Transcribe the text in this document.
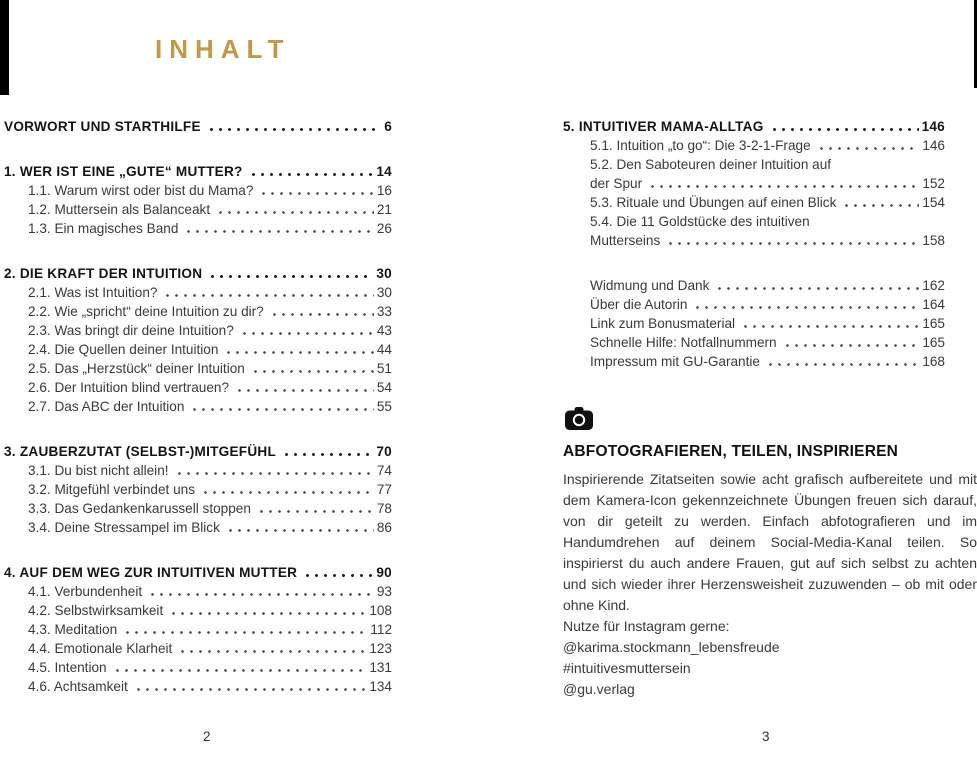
INHALT
VORWORT UND STARTHILFE	6
1. WER IST EINE „GUTE“ MUTTER?	14
1.1. Warum wirst oder bist du Mama?	16
1.2. Muttersein als Balanceakt	21
1.3. Ein magisches Band	26
2. DIE KRAFT DER INTUITION	30
2.1. Was ist Intuition?	30
2.2. Wie „spricht“ deine Intuition zu dir?	33
2.3. Was bringt dir deine Intuition?	43
2.4. Die Quellen deiner Intuition	44
2.5. Das „Herzstück“ deiner Intuition	51
2.6. Der Intuition blind vertrauen?	54
2.7. Das ABC der Intuition	55
3. ZAUBERZUTAT (SELBST-)MITGEFÜHL	70
3.1. Du bist nicht allein!	74
3.2. Mitgefühl verbindet uns	77
3.3. Das Gedankenkarussell stoppen	78
3.4. Deine Stressampel im Blick	86
4. AUF DEM WEG ZUR INTUITIVEN MUTTER	90
4.1. Verbundenheit	93
4.2. Selbstwirksamkeit	108
4.3. Meditation	112
4.4. Emotionale Klarheit	123
4.5. Intention	131
4.6. Achtsamkeit	134
5. INTUITIVER MAMA-ALLTAG	146
5.1. Intuition „to go“: Die 3-2-1-Frage	146
5.2. Den Saboteuren deiner Intuition auf
der Spur	152
5.3. Rituale und Übungen auf einen Blick	154
5.4. Die 11 Goldstücke des intuitiven
Mutterseins	158
Widmung und Dank	162
Über die Autorin	164
Link zum Bonusmaterial	165
Schnelle Hilfe: Notfallnummern	165
Impressum mit GU-Garantie	168
ABFOTOGRAFIEREN, TEILEN, INSPIRIEREN

Inspirierende Zitatseiten sowie acht grafisch aufbereitete und mit dem Kamera-Icon gekennzeichnete Übungen freuen sich darauf, von dir geteilt zu werden. Einfach abfotografieren und im Handumdrehen auf deinem Social-Media-Kanal teilen. So inspirierst du auch andere Frauen, gut auf sich selbst zu achten und sich wieder ihrer Herzensweisheit zuzuwenden – ob mit oder ohne Kind.

Nutze für Instagram gerne:
@karima.stockmann_lebensfreude
#intuitivesmuttersein
@gu.verlag
2	3
